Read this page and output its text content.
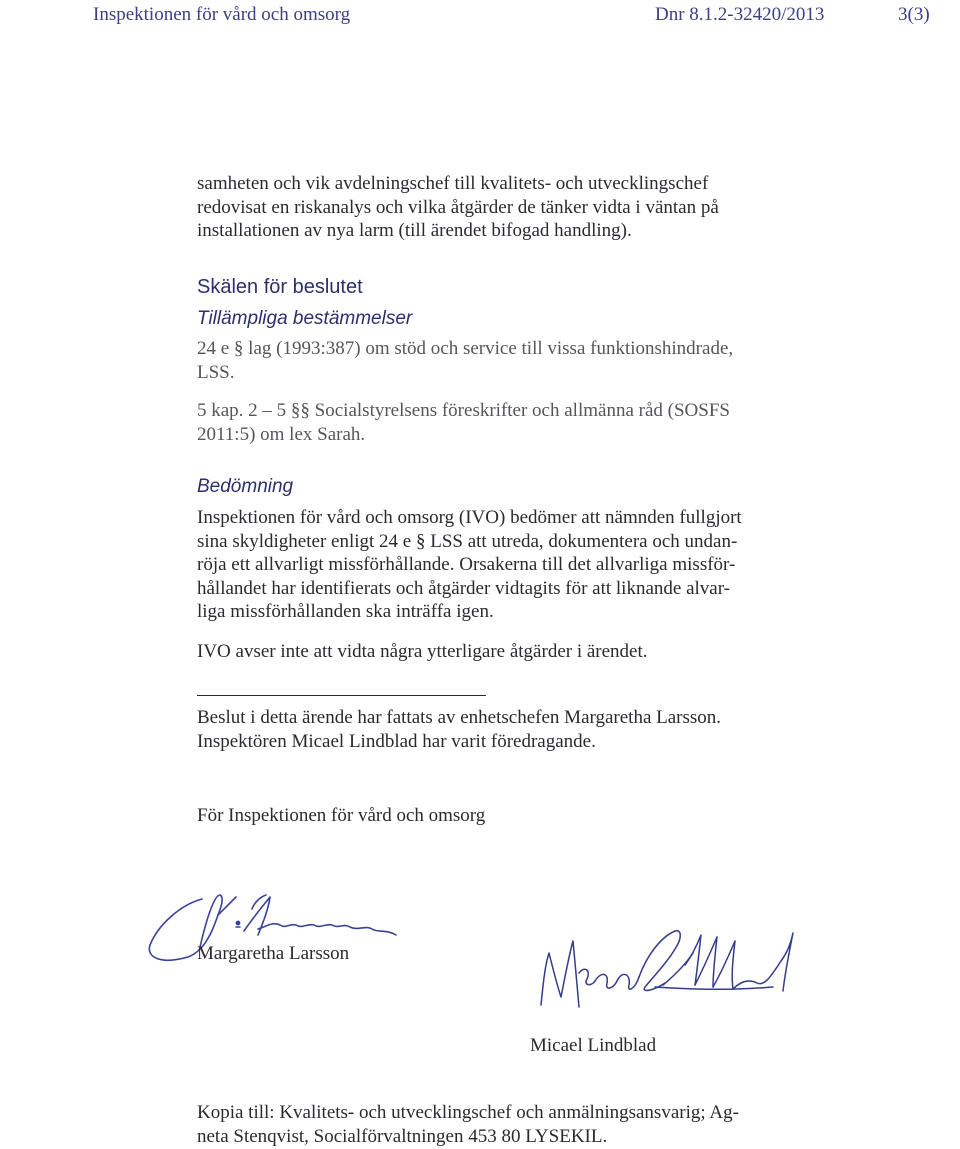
Inspektionen för vård och omsorg	Dnr 8.1.2-32420/2013	3(3)
samheten och vik avdelningschef till kvalitets- och utvecklingschef
redovisat en riskanalys och vilka åtgärder de tänker vidta i väntan på
installationen av nya larm (till ärendet bifogad handling).
Skälen för beslutet
Tillämpliga bestämmelser
24 e § lag (1993:387) om stöd och service till vissa funktionshindrade,
LSS.
5 kap. 2 – 5 §§ Socialstyrelsens föreskrifter och allmänna råd (SOSFS
2011:5) om lex Sarah.
Bedömning
Inspektionen för vård och omsorg (IVO) bedömer att nämnden fullgjort
sina skyldigheter enligt 24 e § LSS att utreda, dokumentera och undan-
röja ett allvarligt missförhållande. Orsakerna till det allvarliga missför-
hållandet har identifierats och åtgärder vidtagits för att liknande alvar-
liga missförhållanden ska inträffa igen.
IVO avser inte att vidta några ytterligare åtgärder i ärendet.
Beslut i detta ärende har fattats av enhetschefen Margaretha Larsson.
Inspektören Micael Lindblad har varit föredragande.
För Inspektionen för vård och omsorg
Margaretha Larsson
Micael Lindblad
Kopia till: Kvalitets- och utvecklingschef och anmälningsansvarig; Ag-
neta Stenqvist, Socialförvaltningen 453 80 LYSEKIL.
